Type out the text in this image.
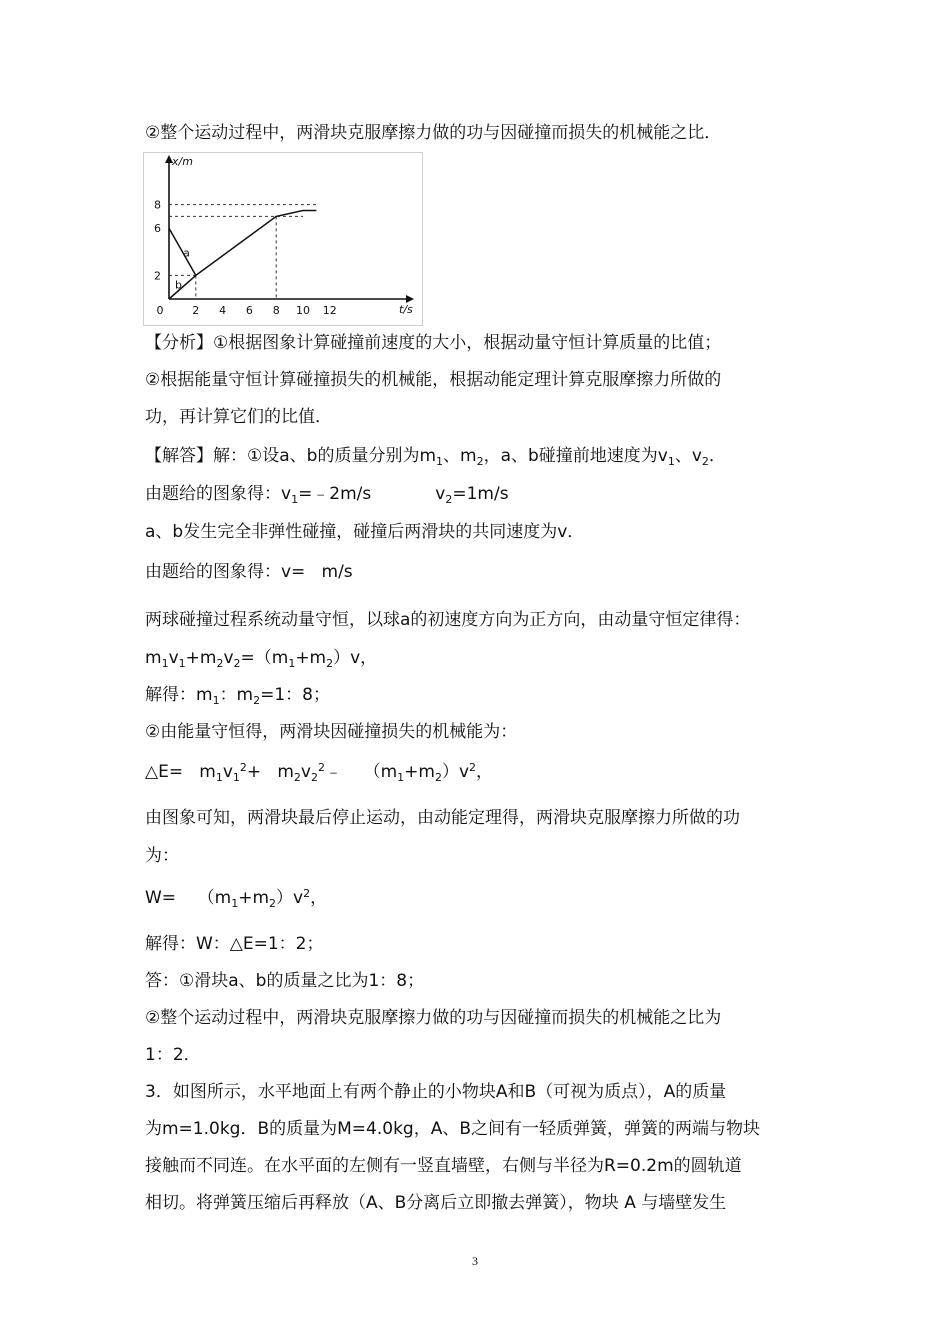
②整个运动过程中，两滑块克服摩擦力做的功与因碰撞而损失的机械能之比．
a
b
0	2 4 6 8 10 12
2
6
8
t/s
x/m
【分析】①根据图象计算碰撞前速度的大小，根据动量守恒计算质量的比值；
②根据能量守恒计算碰撞损失的机械能，根据动能定理计算克服摩擦力所做的
功，再计算它们的比值．
【解答】解：①设a、b的质量分别为$m_1$、$m_2$，a、b碰撞前地速度为$v_1$、$v_2$．
由题给的图象得：$v_1=﹣2m/s$	$v_2=1m/s$
a、b发生完全非弹性碰撞，碰撞后两滑块的共同速度为v．
由题给的图象得：v=   m/s
两球碰撞过程系统动量守恒，以球a的初速度方向为正方向，由动量守恒定律得：
$m_1v_1+m_2v_2=(m_1+m_2)v$，
解得：$m_1$：$m_2=1$：8；
②由能量守恒得，两滑块因碰撞损失的机械能为：
△E=   $m_1v_1^2+$   $m_2v_2^2﹣$    $(m_1+m_2)v^2$，
由图象可知，两滑块最后停止运动，由动能定理得，两滑块克服摩擦力所做的功
为：
W=    $(m_1+m_2)v^2$，
解得：W：△E=1：2；
答：①滑块a、b的质量之比为1：8；
②整个运动过程中，两滑块克服摩擦力做的功与因碰撞而损失的机械能之比为
1：2．
3．如图所示，水平地面上有两个静止的小物块A和B（可视为质点），A的质量
为m=1.0kg．B的质量为M=4.0kg，A、B之间有一轻质弹簧，弹簧的两端与物块
接触而不同连。在水平面的左侧有一竖直墙壁，右侧与半径为R=0.2m的圆轨道
相切。将弹簧压缩后再释放（A、B分离后立即撤去弹簧），物块 A 与墙壁发生
3
